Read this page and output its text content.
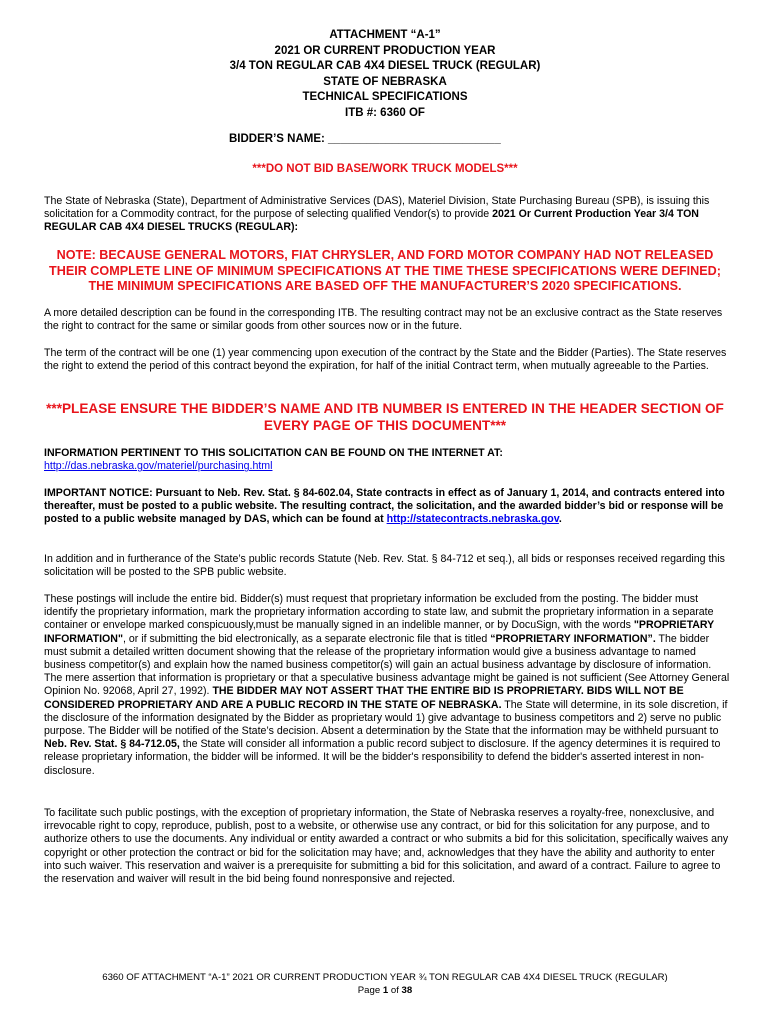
ATTACHMENT “A-1”
2021 OR CURRENT PRODUCTION YEAR
3/4 TON REGULAR CAB 4X4 DIESEL TRUCK (REGULAR)
STATE OF NEBRASKA
TECHNICAL SPECIFICATIONS
ITB #: 6360 OF
BIDDER’S NAME: ___________________________
***DO NOT BID BASE/WORK TRUCK MODELS***
The State of Nebraska (State), Department of Administrative Services (DAS), Materiel Division, State Purchasing Bureau (SPB), is issuing this solicitation for a Commodity contract, for the purpose of selecting qualified Vendor(s) to provide 2021 Or Current Production Year 3/4 TON REGULAR CAB 4X4 DIESEL TRUCKS (REGULAR):
NOTE: BECAUSE GENERAL MOTORS, FIAT CHRYSLER, AND FORD MOTOR COMPANY HAD NOT RELEASED THEIR COMPLETE LINE OF MINIMUM SPECIFICATIONS AT THE TIME THESE SPECIFICATIONS WERE DEFINED; THE MINIMUM SPECIFICATIONS ARE BASED OFF THE MANUFACTURER’S 2020 SPECIFICATIONS.
A more detailed description can be found in the corresponding ITB. The resulting contract may not be an exclusive contract as the State reserves the right to contract for the same or similar goods from other sources now or in the future.
The term of the contract will be one (1) year commencing upon execution of the contract by the State and the Bidder (Parties). The State reserves the right to extend the period of this contract beyond the expiration, for half of the initial Contract term, when mutually agreeable to the Parties.
***PLEASE ENSURE THE BIDDER’S NAME AND ITB NUMBER IS ENTERED IN THE HEADER SECTION OF EVERY PAGE OF THIS DOCUMENT***
INFORMATION PERTINENT TO THIS SOLICITATION CAN BE FOUND ON THE INTERNET AT:
http://das.nebraska.gov/materiel/purchasing.html
IMPORTANT NOTICE: Pursuant to Neb. Rev. Stat. § 84-602.04, State contracts in effect as of January 1, 2014, and contracts entered into thereafter, must be posted to a public website. The resulting contract, the solicitation, and the awarded bidder’s bid or response will be posted to a public website managed by DAS, which can be found at http://statecontracts.nebraska.gov.
In addition and in furtherance of the State’s public records Statute (Neb. Rev. Stat. § 84-712 et seq.), all bids or responses received regarding this solicitation will be posted to the SPB public website.
These postings will include the entire bid. Bidder(s) must request that proprietary information be excluded from the posting. The bidder must identify the proprietary information, mark the proprietary information according to state law, and submit the proprietary information in a separate container or envelope marked conspicuously,must be manually signed in an indelible manner, or by DocuSign, with the words "PROPRIETARY INFORMATION", or if submitting the bid electronically, as a separate electronic file that is titled “PROPRIETARY INFORMATION”. The bidder must submit a detailed written document showing that the release of the proprietary information would give a business advantage to named business competitor(s) and explain how the named business competitor(s) will gain an actual business advantage by disclosure of information. The mere assertion that information is proprietary or that a speculative business advantage might be gained is not sufficient (See Attorney General Opinion No. 92068, April 27, 1992). THE BIDDER MAY NOT ASSERT THAT THE ENTIRE BID IS PROPRIETARY. BIDS WILL NOT BE CONSIDERED PROPRIETARY AND ARE A PUBLIC RECORD IN THE STATE OF NEBRASKA. The State will determine, in its sole discretion, if the disclosure of the information designated by the Bidder as proprietary would 1) give advantage to business competitors and 2) serve no public purpose. The Bidder will be notified of the State’s decision. Absent a determination by the State that the information may be withheld pursuant to Neb. Rev. Stat. § 84-712.05, the State will consider all information a public record subject to disclosure. If the agency determines it is required to release proprietary information, the bidder will be informed. It will be the bidder's responsibility to defend the bidder's asserted interest in non-disclosure.
To facilitate such public postings, with the exception of proprietary information, the State of Nebraska reserves a royalty-free, nonexclusive, and irrevocable right to copy, reproduce, publish, post to a website, or otherwise use any contract, or bid for this solicitation for any purpose, and to authorize others to use the documents. Any individual or entity awarded a contract or who submits a bid for this solicitation, specifically waives any copyright or other protection the contract or bid for the solicitation may have; and, acknowledges that they have the ability and authority to enter into such waiver. This reservation and waiver is a prerequisite for submitting a bid for this solicitation, and award of a contract. Failure to agree to the reservation and waiver will result in the bid being found nonresponsive and rejected.
6360 OF ATTACHMENT “A-1” 2021 OR CURRENT PRODUCTION YEAR ¾ TON REGULAR CAB 4X4 DIESEL TRUCK (REGULAR)
Page 1 of 38
